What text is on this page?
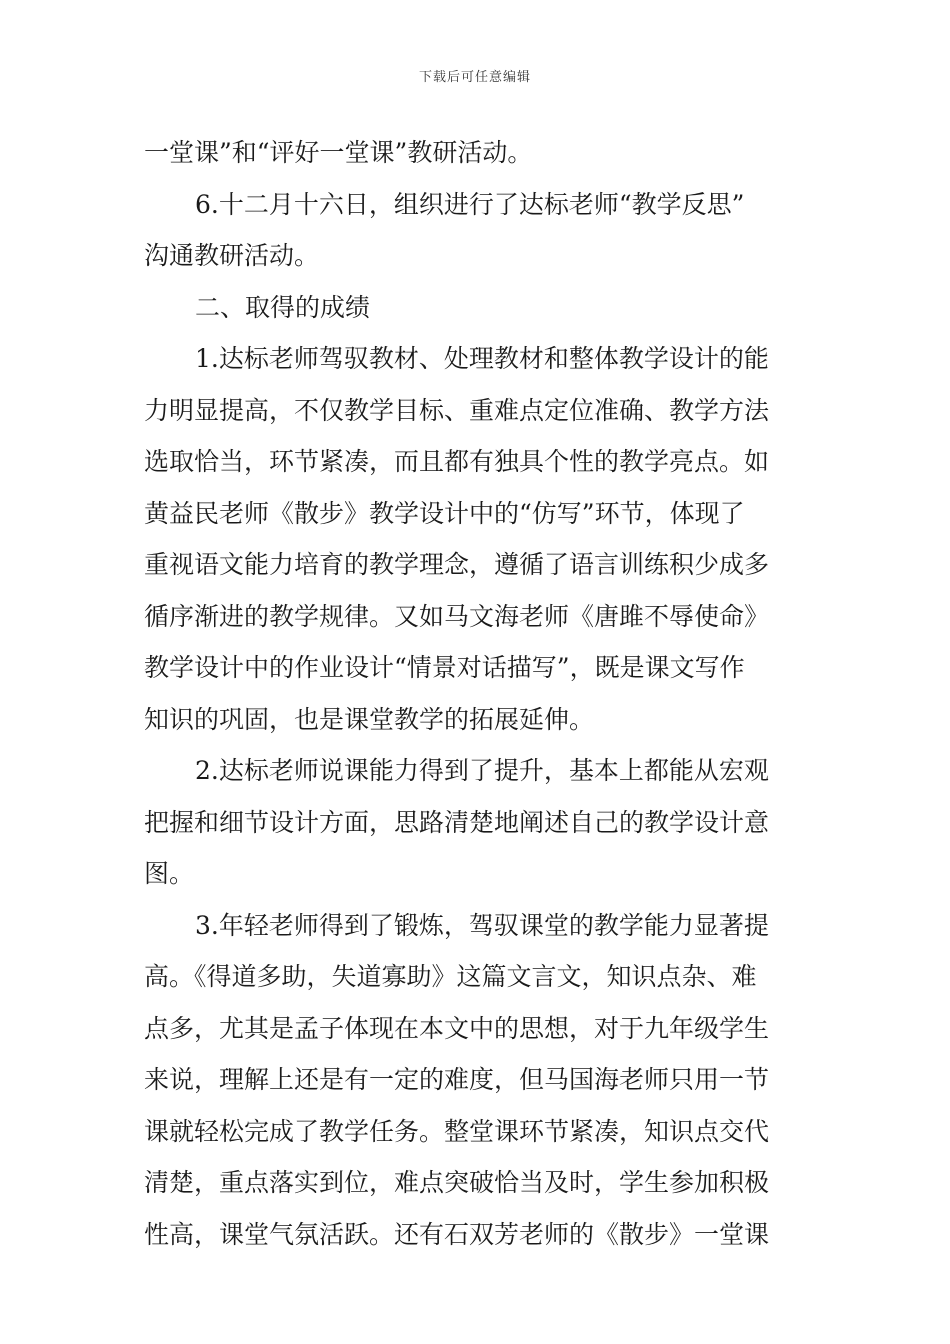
下载后可任意编辑
一堂课”和“评好一堂课”教研活动。
6.十二月十六日，组织进行了达标老师“教学反思”
沟通教研活动。
二、取得的成绩
1.达标老师驾驭教材、处理教材和整体教学设计的能
力明显提高，不仅教学目标、重难点定位准确、教学方法
选取恰当，环节紧凑，而且都有独具个性的教学亮点。如
黄益民老师《散步》教学设计中的“仿写”环节，体现了
重视语文能力培育的教学理念，遵循了语言训练积少成多
循序渐进的教学规律。又如马文海老师《唐雎不辱使命》
教学设计中的作业设计“情景对话描写”，既是课文写作
知识的巩固，也是课堂教学的拓展延伸。
2.达标老师说课能力得到了提升，基本上都能从宏观
把握和细节设计方面，思路清楚地阐述自己的教学设计意
图。
3.年轻老师得到了锻炼，驾驭课堂的教学能力显著提
高。《得道多助，失道寡助》这篇文言文，知识点杂、难
点多，尤其是孟子体现在本文中的思想，对于九年级学生
来说，理解上还是有一定的难度，但马国海老师只用一节
课就轻松完成了教学任务。整堂课环节紧凑，知识点交代
清楚，重点落实到位，难点突破恰当及时，学生参加积极
性高，课堂气氛活跃。还有石双芳老师的《散步》一堂课
